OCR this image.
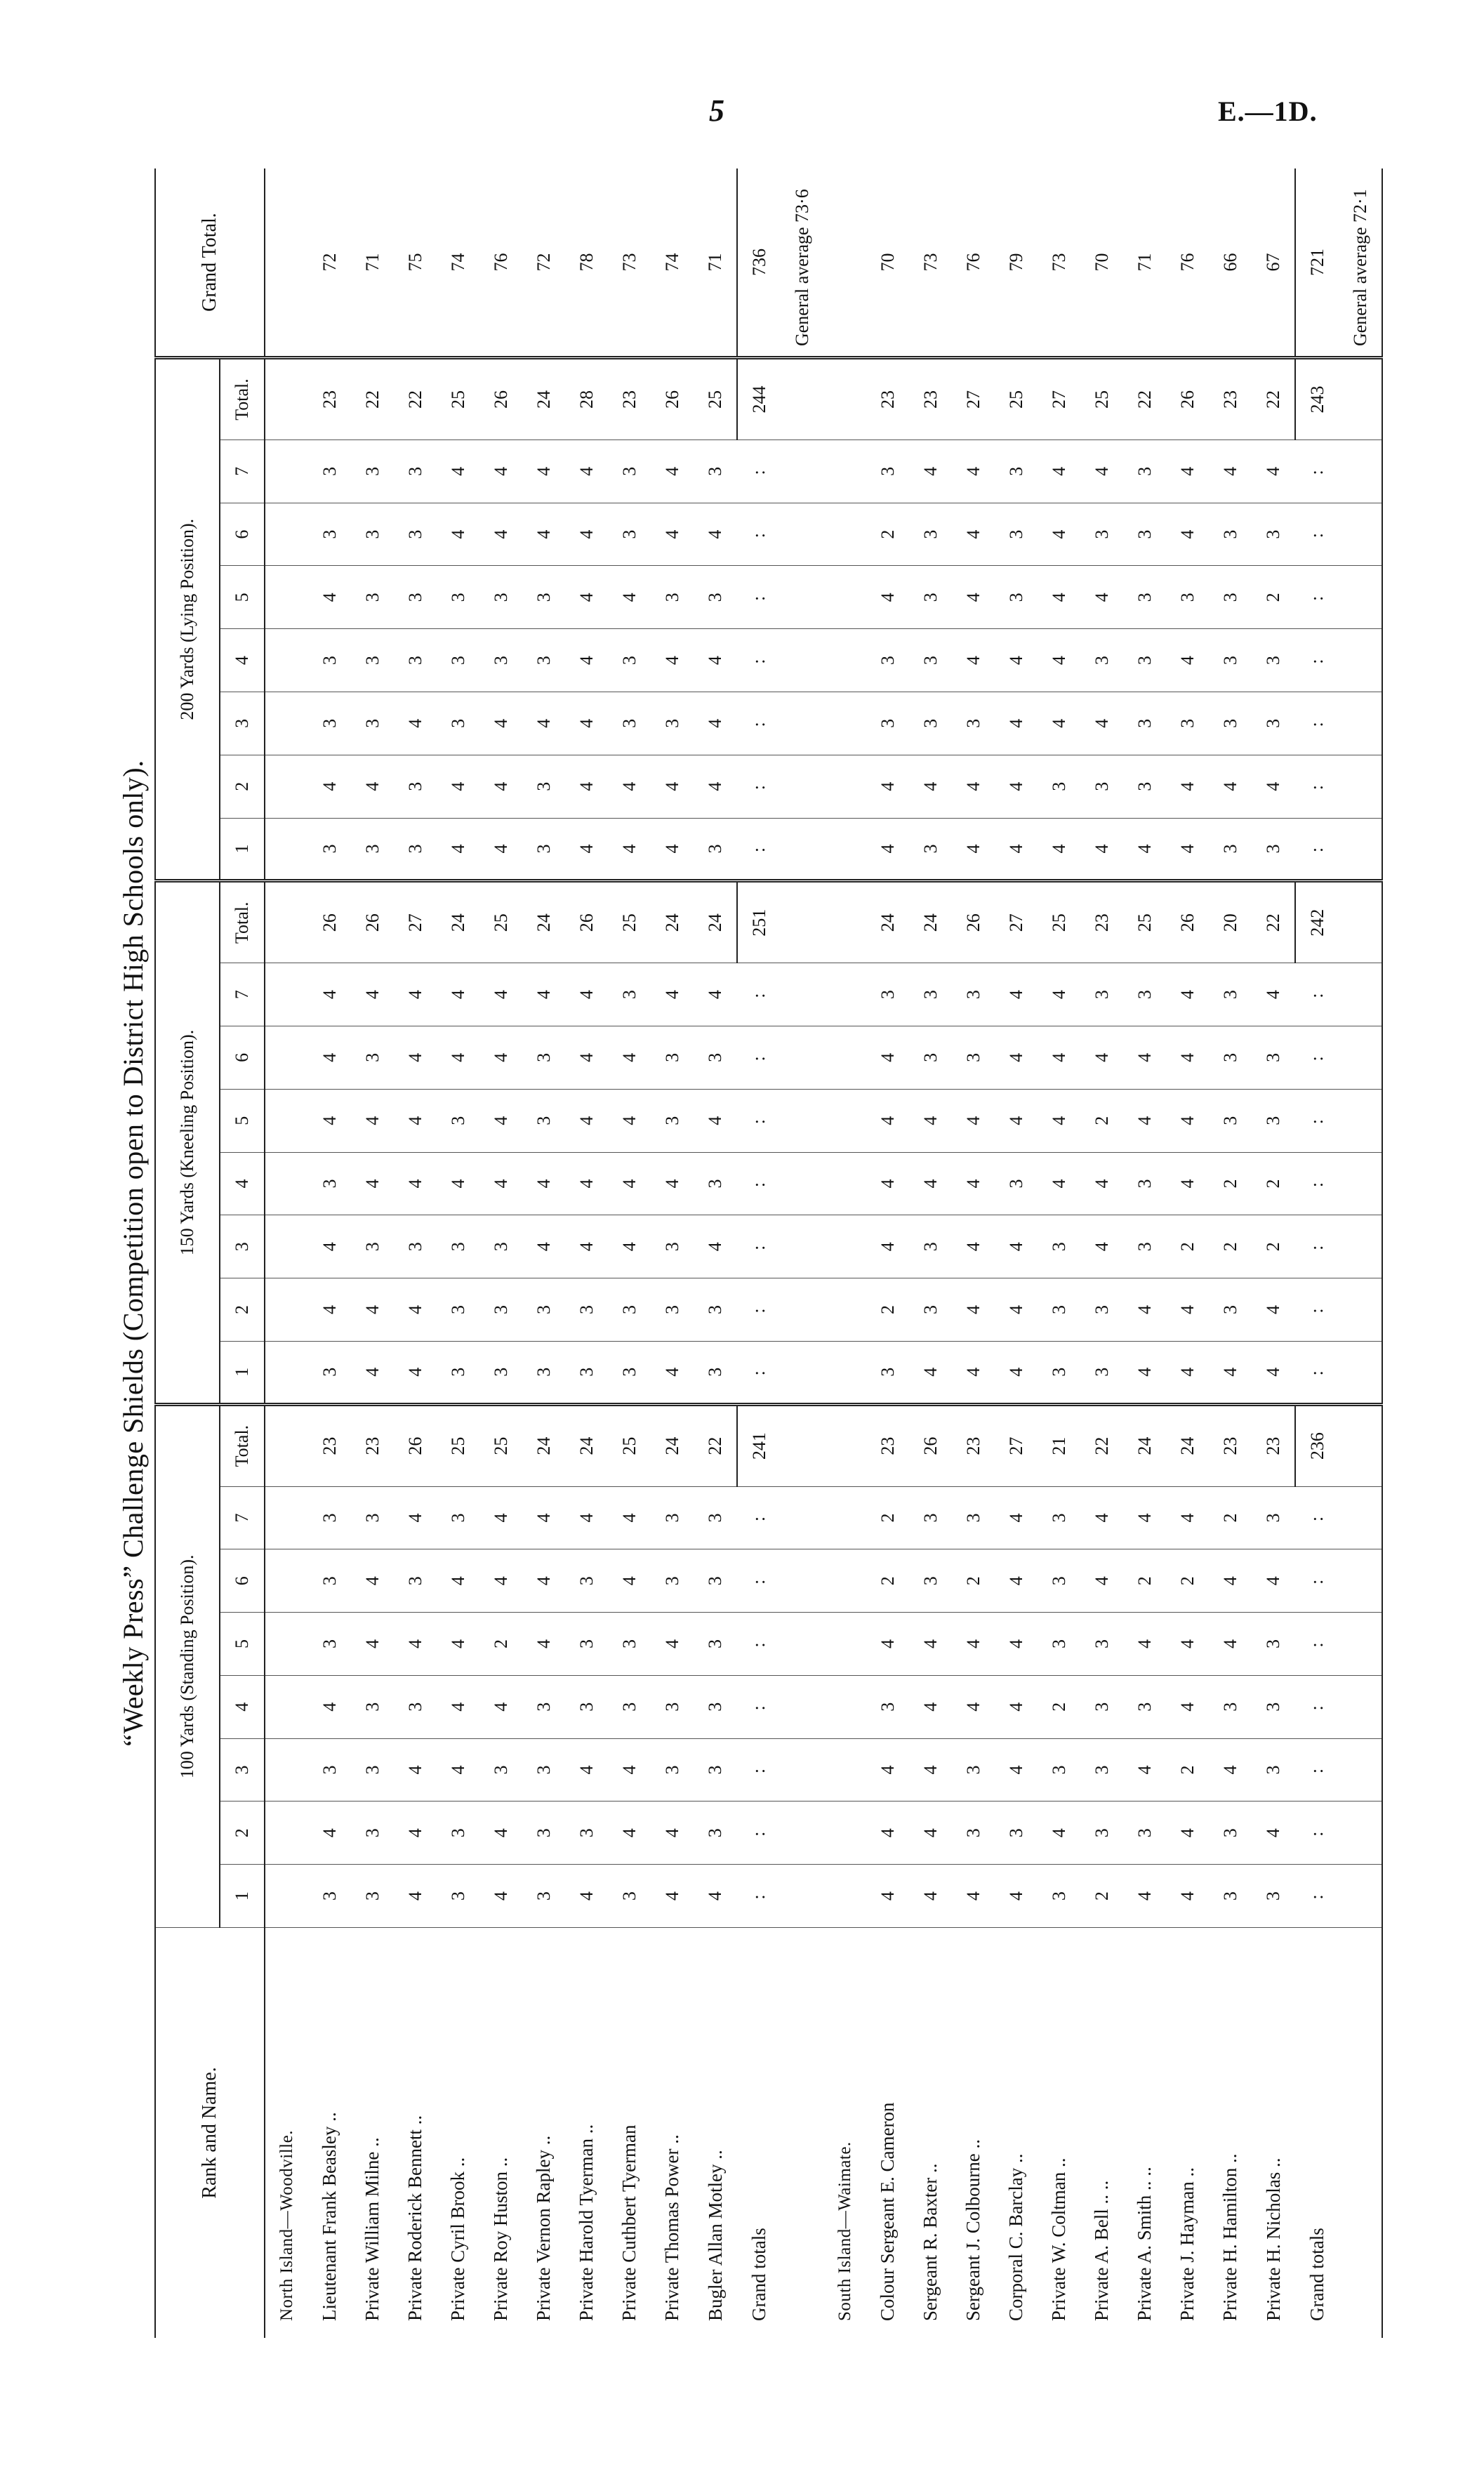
5	E.—1D.
“Weekly Press” Challenge Shields (Competition open to District High Schools only).
Rank and Name.	100 Yards (Standing Position).								150 Yards (Kneeling Position).								200 Yards (Lying Position).								Grand Total.
	1	2	3	4	5	6	7	Total.	1	2	3	4	5	6	7	Total.	1	2	3	4	5	6	7	Total.	
North Island—Woodville.																									
Lieutenant Frank Beasley ..	3	4	3	4	3	3	3	23	3	4	4	3	4	4	4	26	3	4	3	3	4	3	3	23	72
Private William Milne ..	3	3	3	3	4	4	3	23	4	4	3	4	4	3	4	26	3	4	3	3	3	3	3	22	71
Private Roderick Bennett ..	4	4	4	3	4	3	4	26	4	4	3	4	4	4	4	27	3	3	4	3	3	3	3	22	75
Private Cyril Brook ..	3	3	4	4	4	4	3	25	3	3	3	4	3	4	4	24	4	4	3	3	3	4	4	25	74
Private Roy Huston ..	4	4	3	4	2	4	4	25	3	3	3	4	4	4	4	25	4	4	4	3	3	4	4	26	76
Private Vernon Rapley ..	3	3	3	3	4	4	4	24	3	3	4	4	3	3	4	24	3	3	4	3	3	4	4	24	72
Private Harold Tyerman ..	4	3	4	3	3	3	4	24	3	3	4	4	4	4	4	26	4	4	4	4	4	4	4	28	78
Private Cuthbert Tyerman	3	4	4	3	3	4	4	25	3	3	4	4	4	4	3	25	4	4	3	3	4	3	3	23	73
Private Thomas Power ..	4	4	3	3	4	3	3	24	4	3	3	4	3	3	4	24	4	4	3	4	3	4	4	26	74
Bugler Allan Motley ..	4	3	3	3	3	3	3	22	3	3	4	3	4	3	4	24	3	4	4	4	3	4	3	25	71
Grand totals	:	:	:	:	:	:	:	241	:	:	:	:	:	:	:	251	:	:	:	:	:	:	:	244	736
																									General average 73·6
South Island—Waimate.																									
Colour Sergeant E. Cameron	4	4	4	3	4	2	2	23	3	2	4	4	4	4	3	24	4	4	3	3	4	2	3	23	70
Sergeant R. Baxter ..	4	4	4	4	4	3	3	26	4	3	3	4	4	3	3	24	3	4	3	3	3	3	4	23	73
Sergeant J. Colbourne ..	4	3	3	4	4	2	3	23	4	4	4	4	4	3	3	26	4	4	3	4	4	4	4	27	76
Corporal C. Barclay ..	4	3	4	4	4	4	4	27	4	4	4	3	4	4	4	27	4	4	4	4	3	3	3	25	79
Private W. Coltman ..	3	4	3	2	3	3	3	21	3	3	3	4	4	4	4	25	4	3	4	4	4	4	4	27	73
Private A. Bell .. ..	2	3	3	3	3	4	4	22	3	3	4	4	2	4	3	23	4	3	4	3	4	3	4	25	70
Private A. Smith .. ..	4	3	4	3	4	2	4	24	4	4	3	3	4	4	3	25	4	3	3	3	3	3	3	22	71
Private J. Hayman ..	4	4	2	4	4	2	4	24	4	4	2	4	4	4	4	26	4	4	3	4	3	4	4	26	76
Private H. Hamilton ..	3	3	4	3	4	4	2	23	4	3	2	2	3	3	3	20	3	4	3	3	3	3	4	23	66
Private H. Nicholas ..	3	4	3	3	3	4	3	23	4	4	2	2	3	3	4	22	3	4	3	3	2	3	4	22	67
Grand totals	:	:	:	:	:	:	:	236	:	:	:	:	:	:	:	242	:	:	:	:	:	:	:	243	721
																									General average 72·1
